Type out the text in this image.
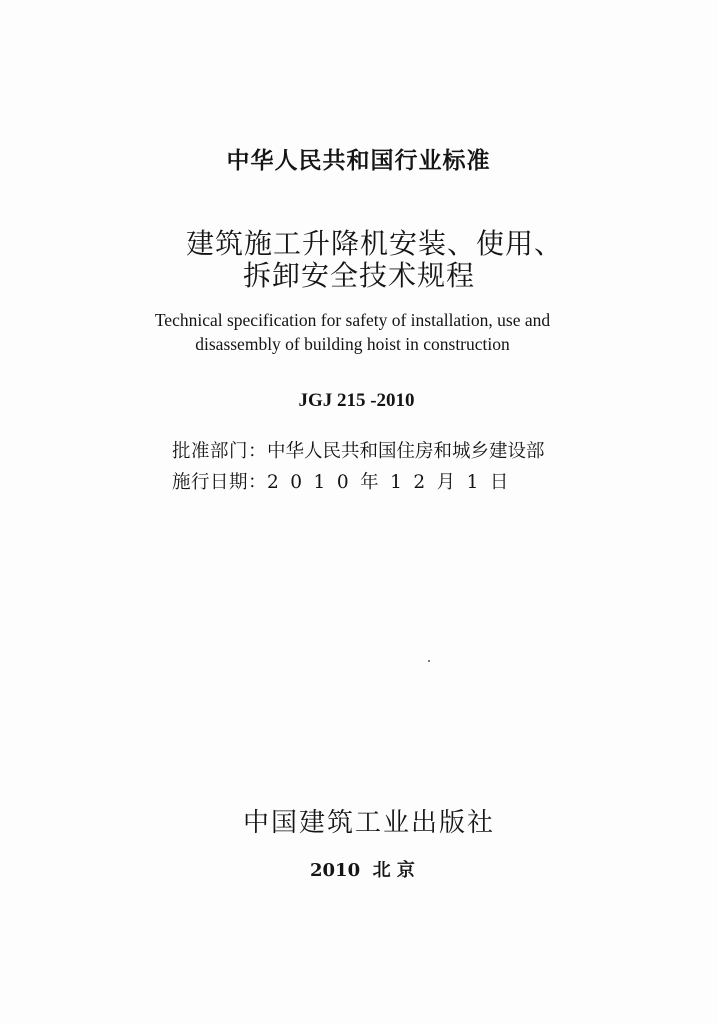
中华人民共和国行业标准
建筑施工升降机安装、使用、
拆卸安全技术规程
Technical specification for safety of installation, use and
disassembly of building hoist in construction
JGJ 215 -2010
批准部门：中华人民共和国住房和城乡建设部
施行日期：2010年12月1日
中国建筑工业出版社
2010 北 京
